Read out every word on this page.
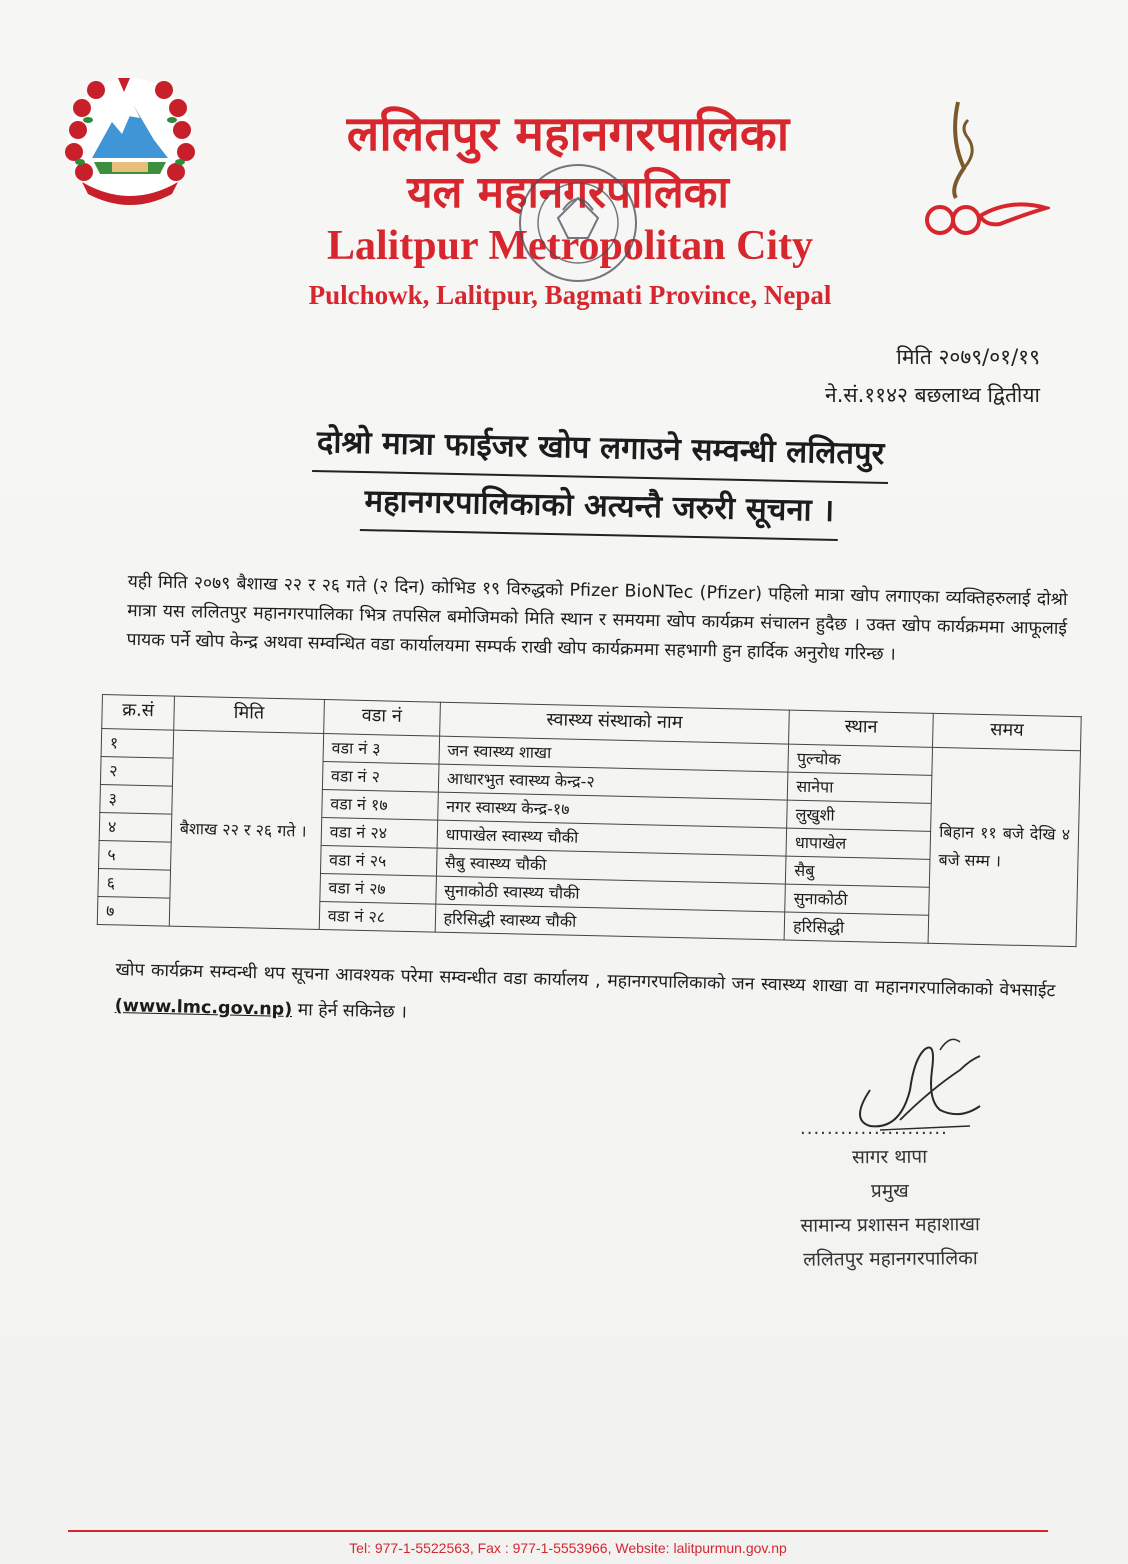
ललितपुर महानगरपालिका
यल महानगरपालिका
Lalitpur Metropolitan City
Pulchowk, Lalitpur, Bagmati Province, Nepal
मिति २०७९/०१/१९
ने.सं.११४२ बछलाथ्व द्वितीया
दोश्रो मात्रा फाईजर खोप लगाउने सम्वन्धी ललितपुर
महानगरपालिकाको अत्यन्तै जरुरी सूचना ।
यही मिति २०७९ बैशाख २२ र २६ गते (२ दिन) कोभिड १९ विरुद्धको Pfizer BioNTec (Pfizer) पहिलो मात्रा खोप लगाएका व्यक्तिहरुलाई दोश्रो मात्रा यस ललितपुर महानगरपालिका भित्र तपसिल बमोजिमको मिति स्थान र समयमा खोप कार्यक्रम संचालन हुदैछ । उक्त खोप कार्यक्रममा आफूलाई पायक पर्ने खोप केन्द्र अथवा सम्वन्धित वडा कार्यालयमा सम्पर्क राखी खोप कार्यक्रममा सहभागी हुन हार्दिक अनुरोध गरिन्छ ।
क्र.सं	मिति	वडा नं	स्वास्थ्य संस्थाको नाम	स्थान	समय
१	बैशाख २२ र २६ गते ।	वडा नं ३	जन स्वास्थ्य शाखा	पुल्चोक	बिहान ११ बजे देखि ४ बजे सम्म ।
२		वडा नं २	आधारभुत स्वास्थ्य केन्द्र-२	सानेपा	
३		वडा नं १७	नगर स्वास्थ्य केन्द्र-१७	लुखुशी	
४		वडा नं २४	धापाखेल स्वास्थ्य चौकी	धापाखेल	
५		वडा नं २५	सैबु स्वास्थ्य चौकी	सैबु	
६		वडा नं २७	सुनाकोठी स्वास्थ्य चौकी	सुनाकोठी	
७		वडा नं २८	हरिसिद्धी स्वास्थ्य चौकी	हरिसिद्धी	
खोप कार्यक्रम सम्वन्धी थप सूचना आवश्यक परेमा सम्वन्धीत वडा कार्यालय , महानगरपालिकाको जन स्वास्थ्य शाखा वा महानगरपालिकाको वेभसाईट (www.lmc.gov.np) मा हेर्न सकिनेछ ।
......................
सागर थापा
प्रमुख
सामान्य प्रशासन महाशाखा
ललितपुर महानगरपालिका
Tel: 977-1-5522563, Fax : 977-1-5553966, Website: lalitpurmun.gov.np
